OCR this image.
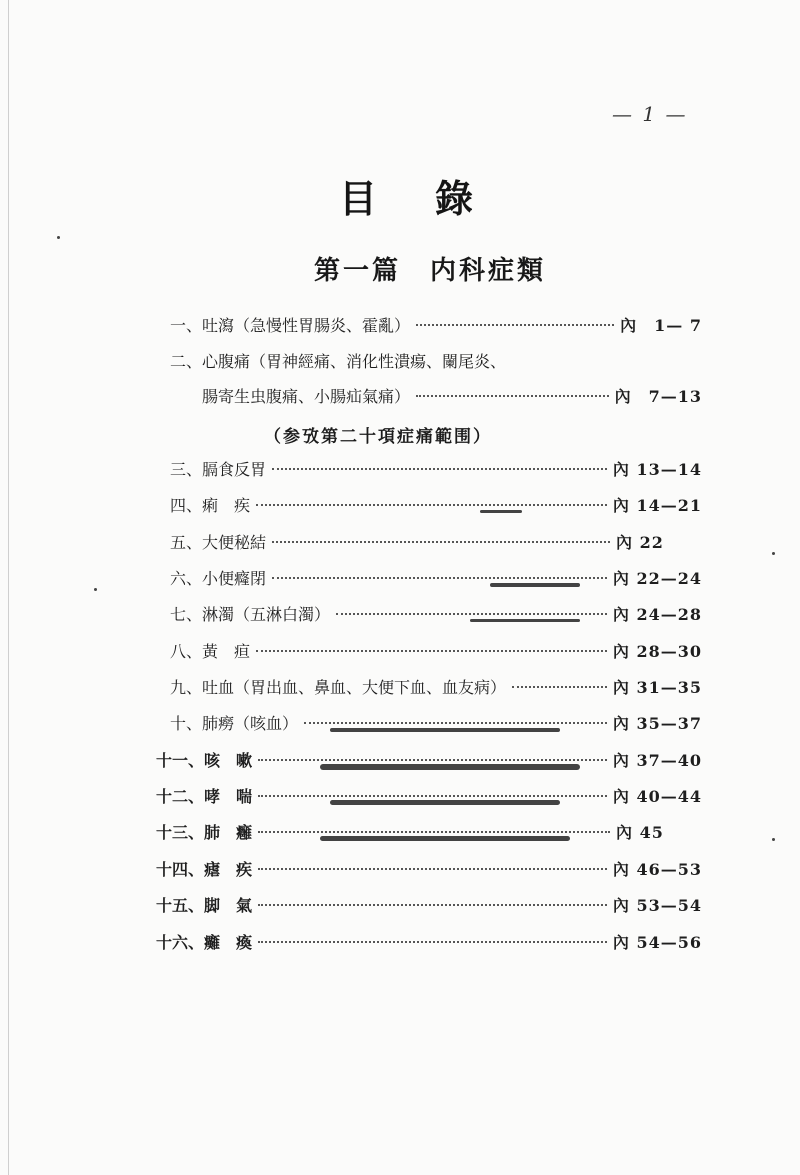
— 1 —
目錄
第一篇　内科症類
一、 吐瀉（急慢性胃腸炎、霍亂）	內　1— 7
二、心腹痛（胃神經痛、消化性潰瘍、闌尾炎、
腸寄生虫腹痛、小腸疝氣痛）	內　7—13
（参攷第二十項症痛範围）
三、 膈食反胃	內 13—14
四、 痢　疾	內 14—21
五、 大便秘結	內 22
六、 小便癃閉	內 22—24
七、 淋濁（五淋白濁）	內 24—28
八、 黃　疸	內 28—30
九、 吐血（胃出血、鼻血、大便下血、血友病）	內 31—35
十、 肺癆（咳血）	內 35—37
十一、 咳　嗽	內 37—40
十二、 哮　喘	內 40—44
十三、 肺　癰	內 45
十四、 瘧　疾	內 46—53
十五、 脚　氣	內 53—54
十六、 癱　瘓	內 54—56
